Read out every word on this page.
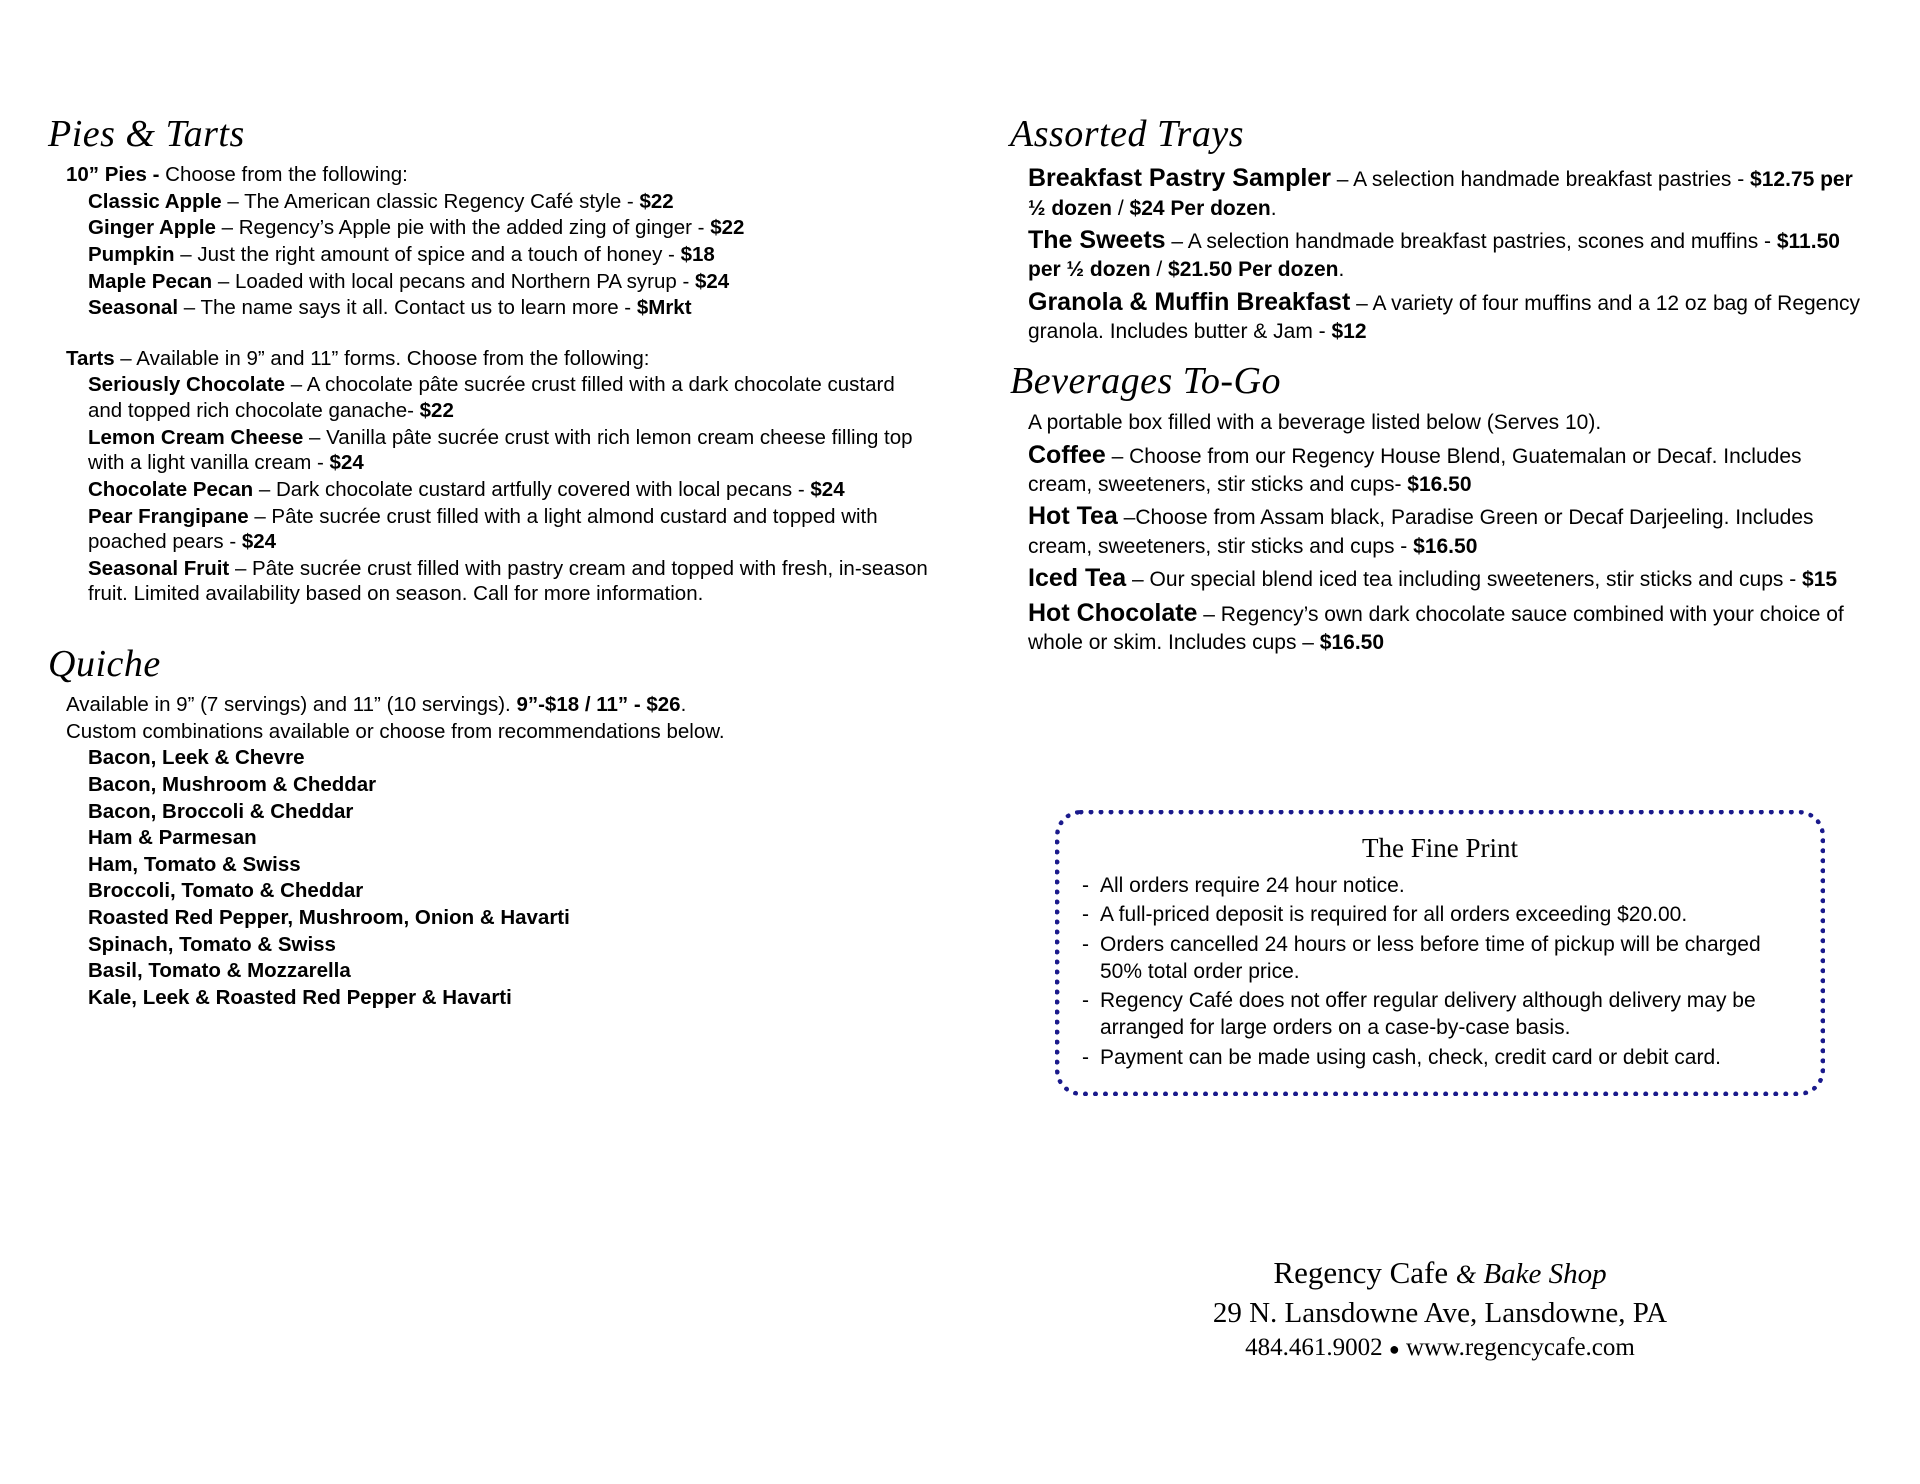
Pies & Tarts

10” Pies - Choose from the following:

Classic Apple – The American classic Regency Café style - $22

Ginger Apple – Regency’s Apple pie with the added zing of ginger - $22

Pumpkin – Just the right amount of spice and a touch of honey - $18

Maple Pecan – Loaded with local pecans and Northern PA syrup - $24

Seasonal – The name says it all. Contact us to learn more - $Mrkt

Tarts – Available in 9” and 11” forms. Choose from the following:

Seriously Chocolate – A chocolate pâte sucrée crust filled with a dark chocolate custard and topped rich chocolate ganache- $22

Lemon Cream Cheese – Vanilla pâte sucrée crust with rich lemon cream cheese filling top with a light vanilla cream - $24

Chocolate Pecan – Dark chocolate custard artfully covered with local pecans - $24

Pear Frangipane – Pâte sucrée crust filled with a light almond custard and topped with poached pears - $24

Seasonal Fruit – Pâte sucrée crust filled with pastry cream and topped with fresh, in-season fruit. Limited availability based on season. Call for more information.

Quiche

Available in 9” (7 servings) and 11” (10 servings). 9”-$18 / 11” - $26.

Custom combinations available or choose from recommendations below.

Bacon, Leek & Chevre

Bacon, Mushroom & Cheddar

Bacon, Broccoli & Cheddar

Ham & Parmesan

Ham, Tomato & Swiss

Broccoli, Tomato & Cheddar

Roasted Red Pepper, Mushroom, Onion & Havarti

Spinach, Tomato & Swiss

Basil, Tomato & Mozzarella

Kale, Leek & Roasted Red Pepper & Havarti

Assorted Trays

Breakfast Pastry Sampler – A selection handmade breakfast pastries - $12.75 per ½ dozen / $24 Per dozen.

The Sweets – A selection handmade breakfast pastries, scones and muffins - $11.50 per ½ dozen / $21.50 Per dozen.

Granola & Muffin Breakfast – A variety of four muffins and a 12 oz bag of Regency granola. Includes butter & Jam - $12

Beverages To-Go

A portable box filled with a beverage listed below (Serves 10).

Coffee – Choose from our Regency House Blend, Guatemalan or Decaf. Includes cream, sweeteners, stir sticks and cups- $16.50

Hot Tea –Choose from Assam black, Paradise Green or Decaf Darjeeling. Includes cream, sweeteners, stir sticks and cups - $16.50

Iced Tea – Our special blend iced tea including sweeteners, stir sticks and cups - $15

Hot Chocolate – Regency’s own dark chocolate sauce combined with your choice of whole or skim. Includes cups – $16.50

The Fine Print
- All orders require 24 hour notice.
- A full-priced deposit is required for all orders exceeding $20.00.
- Orders cancelled 24 hours or less before time of pickup will be charged 50% total order price.
- Regency Café does not offer regular delivery although delivery may be arranged for large orders on a case-by-case basis.
- Payment can be made using cash, check, credit card or debit card.
Regency Cafe & Bake Shop
29 N. Lansdowne Ave, Lansdowne, PA
484.461.9002 ● www.regencycafe.com
